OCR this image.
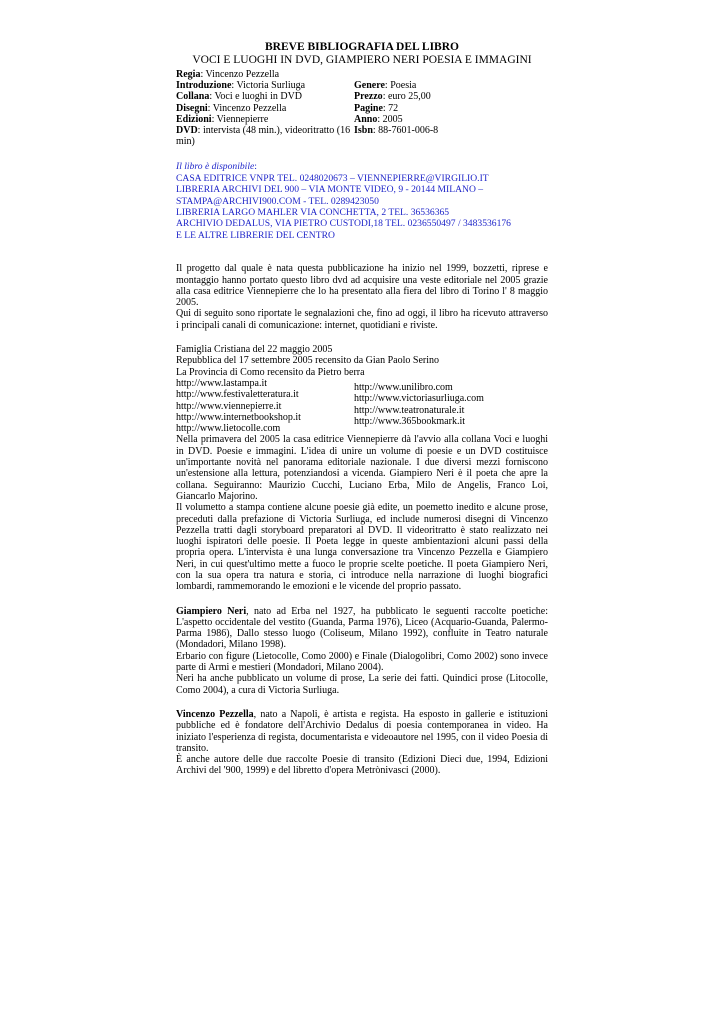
BREVE BIBLIOGRAFIA DEL LIBRO
VOCI E LUOGHI IN DVD, GIAMPIERO NERI POESIA E IMMAGINI
Regia: Vincenzo Pezzella
Introduzione: Victoria Surliuga
Collana: Voci e luoghi in DVD
Disegni: Vincenzo Pezzella
Edizioni: Viennepierre
DVD: intervista (48 min.), videoritratto (16 min)
Genere: Poesia
Prezzo: euro 25,00
Pagine: 72
Anno: 2005
Isbn: 88-7601-006-8
Il libro è disponibile:
CASA EDITRICE VNPR TEL. 0248020673 – VIENNEPIERRE@VIRGILIO.IT
LIBRERIA ARCHIVI DEL 900 – VIA MONTE VIDEO, 9 - 20144 MILANO – STAMPA@ARCHIVI900.COM - TEL. 0289423050
LIBRERIA LARGO MAHLER VIA CONCHETTA, 2 TEL. 36536365
ARCHIVIO DEDALUS, VIA PIETRO CUSTODI,18 TEL. 0236550497 / 3483536176
E LE ALTRE LIBRERIE DEL CENTRO
Il progetto dal quale è nata questa pubblicazione ha inizio nel 1999, bozzetti, riprese e montaggio hanno portato questo libro dvd ad acquisire una veste editoriale nel 2005 grazie alla casa editrice Viennepierre che lo ha presentato alla fiera del libro di Torino l' 8 maggio 2005.
Qui di seguito sono riportate le segnalazioni che, fino ad oggi, il libro ha ricevuto attraverso i principali canali di comunicazione: internet, quotidiani e riviste.
Famiglia Cristiana del 22 maggio 2005
Repubblica del 17 settembre 2005 recensito da Gian Paolo Serino
La Provincia di Como recensito da Pietro berra
http://www.lastampa.it
http://www.festivaletteratura.it
http://www.viennepierre.it
http://www.internetbookshop.it
http://www.lietocolle.com
http://www.unilibro.com
http://www.victoriasurliuga.com
http://www.teatronaturale.it
http://www.365bookmark.it
Nella primavera del 2005 la casa editrice Viennepierre dà l'avvio alla collana Voci e luoghi in DVD. Poesie e immagini. L'idea di unire un volume di poesie e un DVD costituisce un'importante novità nel panorama editoriale nazionale. I due diversi mezzi forniscono un'estensione alla lettura, potenziandosi a vicenda. Giampiero Neri è il poeta che apre la collana. Seguiranno: Maurizio Cucchi, Luciano Erba, Milo de Angelis, Franco Loi, Giancarlo Majorino.
Il volumetto a stampa contiene alcune poesie già edite, un poemetto inedito e alcune prose, preceduti dalla prefazione di Victoria Surliuga, ed include numerosi disegni di Vincenzo Pezzella tratti dagli storyboard preparatori al DVD. Il videoritratto è stato realizzato nei luoghi ispiratori delle poesie. Il Poeta legge in queste ambientazioni alcuni passi della propria opera. L'intervista è una lunga conversazione tra Vincenzo Pezzella e Giampiero Neri, in cui quest'ultimo mette a fuoco le proprie scelte poetiche. Il poeta Giampiero Neri, con la sua opera tra natura e storia, ci introduce nella narrazione di luoghi biografici lombardi, rammemorando le emozioni e le vicende del proprio passato.
Giampiero Neri, nato ad Erba nel 1927, ha pubblicato le seguenti raccolte poetiche: L'aspetto occidentale del vestito (Guanda, Parma 1976), Liceo (Acquario-Guanda, Palermo-Parma 1986), Dallo stesso luogo (Coliseum, Milano 1992), confluite in Teatro naturale (Mondadori, Milano 1998).
Erbario con figure (Lietocolle, Como 2000) e Finale (Dialogolibri, Como 2002) sono invece parte di Armi e mestieri (Mondadori, Milano 2004).
Neri ha anche pubblicato un volume di prose, La serie dei fatti. Quindici prose (Litocolle, Como 2004), a cura di Victoria Surliuga.
Vincenzo Pezzella, nato a Napoli, è artista e regista. Ha esposto in gallerie e istituzioni pubbliche ed è fondatore dell'Archivio Dedalus di poesia contemporanea in video. Ha iniziato l'esperienza di regista, documentarista e videoautore nel 1995, con il video Poesia di transito.
È anche autore delle due raccolte Poesie di transito (Edizioni Dieci due, 1994, Edizioni Archivi del '900, 1999) e del libretto d'opera Metrònivasci (2000).
